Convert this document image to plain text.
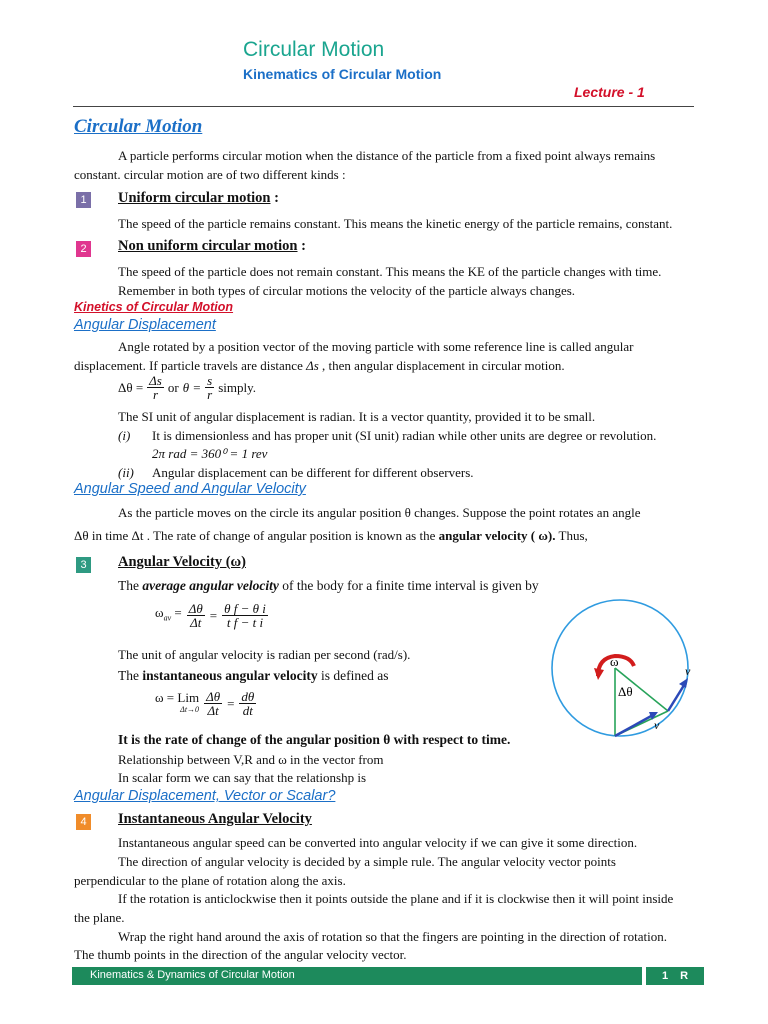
Circular Motion
Kinematics of Circular Motion
Lecture - 1
Circular Motion
A particle performs circular motion when the distance of the particle from a fixed point always remains
constant. circular motion are of two different kinds :
1	Uniform circular motion :
The speed of the particle remains constant. This means the kinetic energy of the particle remains, constant.
2	Non uniform circular motion :
The speed of the particle does not remain constant. This means the KE of the particle changes with time.
Remember in both types of circular motions the velocity of the particle always changes.
Kinetics of Circular Motion
Angular Displacement
Angle rotated by a position vector of the moving particle with some reference line is called angular
displacement. If particle travels are distance Δs , then angular displacement in circular motion.
$\Delta\theta = \frac{\Delta s}{r}$ or $\theta = \frac{s}{r}$ simply.
The SI unit of angular displacement is radian. It is a vector quantity, provided it to be small.
(i) It is dimensionless and has proper unit (SI unit) radian while other units are degree or revolution.
2π rad = 360⁰ = 1 rev
(ii) Angular displacement can be different for different observers.
Angular Speed and Angular Velocity
As the particle moves on the circle its angular position θ changes. Suppose the point rotates an angle
Δθ in time Δt . The rate of change of angular position is known as the angular velocity ( ω). Thus,
3	Angular Velocity (ω)
The average angular velocity of the body for a finite time interval is given by
$\omega_{av} = \frac{\Delta\theta}{\Delta t} = \frac{\text{θ f − θ i}}{\text{t f − t i}}$
The unit of angular velocity is radian per second (rad/s).
The instantaneous angular velocity is defined as
ω = Lim
$\Delta t\to 0 \frac{\Delta\theta}{\Delta t} = \frac{d\theta}{dt}$
It is the rate of change of the angular position θ with respect to time.
Relationship between V,R and ω in the vector from
In scalar form we can say that the relationshp is
ω
Δθ
v
v
Angular Displacement, Vector or Scalar?
4	Instantaneous Angular Velocity
Instantaneous angular speed can be converted into angular velocity if we can give it some direction.
The direction of angular velocity is decided by a simple rule. The angular velocity vector points
perpendicular to the plane of rotation along the axis.
If the rotation is anticlockwise then it points outside the plane and if it is clockwise then it will point inside
the plane.
Wrap the right hand around the axis of rotation so that the fingers are pointing in the direction of rotation.
The thumb points in the direction of the angular velocity vector.
Kinematics & Dynamics of Circular Motion	1 R
